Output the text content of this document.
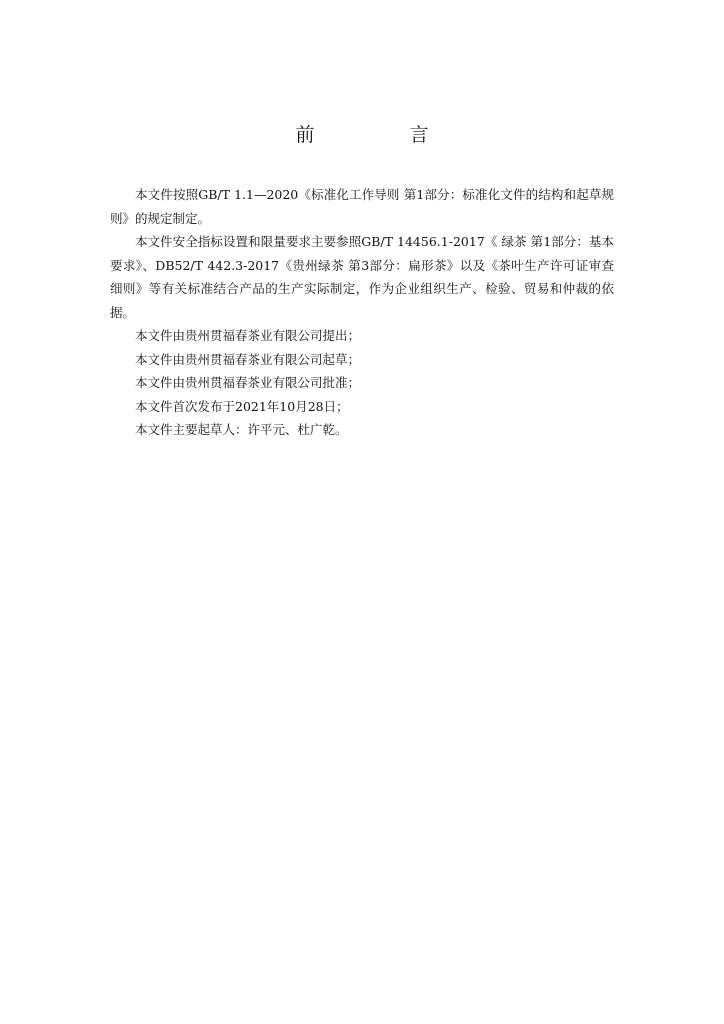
前　言

本文件按照GB/T 1.1—2020《标准化工作导则 第1部分：标准化文件的结构和起草规则》的规定制定。

本文件安全指标设置和限量要求主要参照GB/T 14456.1-2017《 绿茶 第1部分：基本要求》、DB52/T 442.3-2017《贵州绿茶 第3部分：扁形茶》以及《茶叶生产许可证审查细则》等有关标准结合产品的生产实际制定，作为企业组织生产、检验、贸易和仲裁的依据。

本文件由贵州贯福春茶业有限公司提出；

本文件由贵州贯福春茶业有限公司起草；

本文件由贵州贯福春茶业有限公司批准；

本文件首次发布于2021年10月28日；

本文件主要起草人：许平元、杜广乾。
